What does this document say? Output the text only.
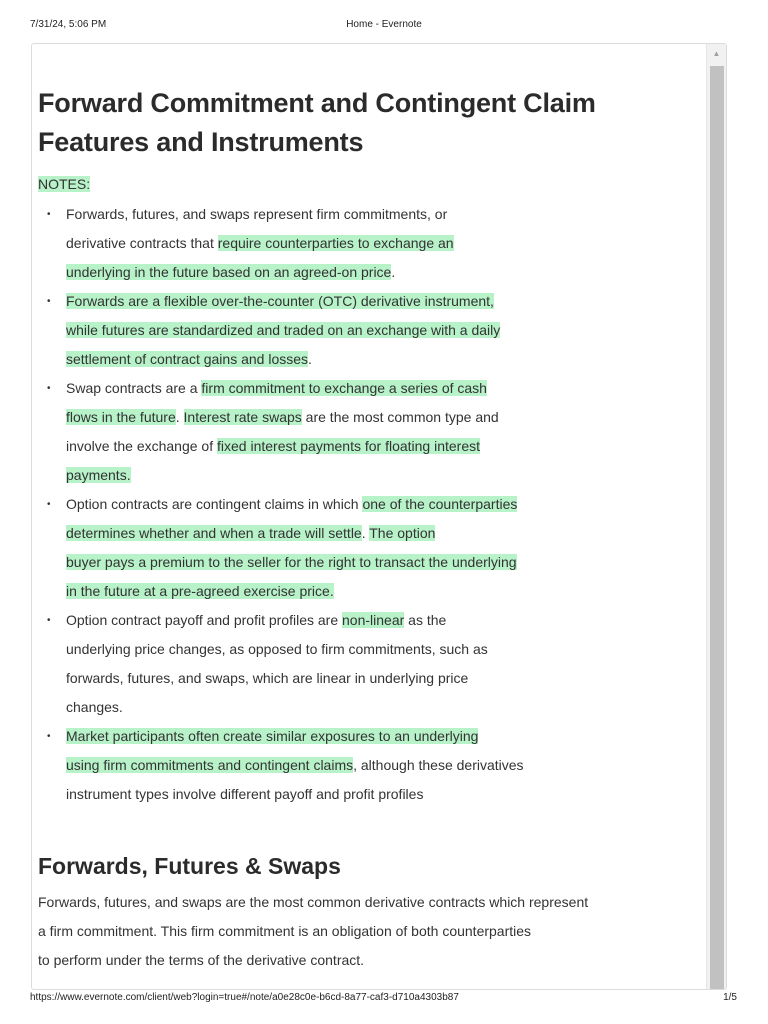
7/31/24, 5:06 PM	Home - Evernote
▲
Forward Commitment and Contingent Claim
Features and Instruments
NOTES:
• Forwards, futures, and swaps represent firm commitments, or
derivative contracts that require counterparties to exchange an
underlying in the future based on an agreed-on price.
• Forwards are a flexible over-the-counter (OTC) derivative instrument,
while futures are standardized and traded on an exchange with a daily
settlement of contract gains and losses.
• Swap contracts are a firm commitment to exchange a series of cash
flows in the future. Interest rate swaps are the most common type and
involve the exchange of fixed interest payments for floating interest
payments.
• Option contracts are contingent claims in which one of the counterparties
determines whether and when a trade will settle. The option
buyer pays a premium to the seller for the right to transact the underlying
in the future at a pre-agreed exercise price.
• Option contract payoff and profit profiles are non-linear as the
underlying price changes, as opposed to firm commitments, such as
forwards, futures, and swaps, which are linear in underlying price
changes.
• Market participants often create similar exposures to an underlying
using firm commitments and contingent claims, although these derivatives
instrument types involve different payoff and profit profiles
Forwards, Futures & Swaps
Forwards, futures, and swaps are the most common derivative contracts which represent
a firm commitment. This firm commitment is an obligation of both counterparties
to perform under the terms of the derivative contract.
https://www.evernote.com/client/web?login=true#/note/a0e28c0e-b6cd-8a77-caf3-d710a4303b87	1/5
